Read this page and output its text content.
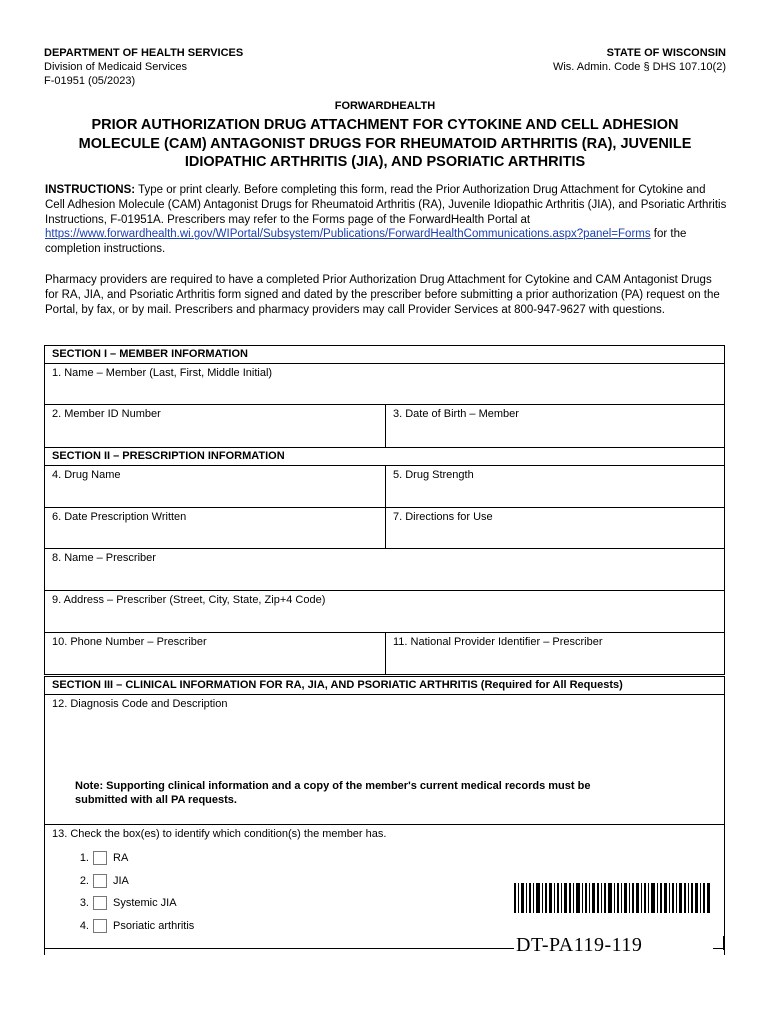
DEPARTMENT OF HEALTH SERVICES
Division of Medicaid Services
F-01951 (05/2023)
STATE OF WISCONSIN
Wis. Admin. Code § DHS 107.10(2)
FORWARDHEALTH
PRIOR AUTHORIZATION DRUG ATTACHMENT FOR CYTOKINE AND CELL ADHESION
MOLECULE (CAM) ANTAGONIST DRUGS FOR RHEUMATOID ARTHRITIS (RA), JUVENILE
IDIOPATHIC ARTHRITIS (JIA), AND PSORIATIC ARTHRITIS
INSTRUCTIONS: Type or print clearly. Before completing this form, read the Prior Authorization Drug Attachment for Cytokine and Cell Adhesion Molecule (CAM) Antagonist Drugs for Rheumatoid Arthritis (RA), Juvenile Idiopathic Arthritis (JIA), and Psoriatic Arthritis Instructions, F-01951A. Prescribers may refer to the Forms page of the ForwardHealth Portal at https://www.forwardhealth.wi.gov/WIPortal/Subsystem/Publications/ForwardHealthCommunications.aspx?panel=Forms for the completion instructions.
Pharmacy providers are required to have a completed Prior Authorization Drug Attachment for Cytokine and CAM Antagonist Drugs for RA, JIA, and Psoriatic Arthritis form signed and dated by the prescriber before submitting a prior authorization (PA) request on the Portal, by fax, or by mail. Prescribers and pharmacy providers may call Provider Services at 800-947-9627 with questions.
SECTION I – MEMBER INFORMATION
1. Name – Member (Last, First, Middle Initial)
2. Member ID Number	3. Date of Birth – Member
SECTION II – PRESCRIPTION INFORMATION
4. Drug Name	5. Drug Strength
6. Date Prescription Written	7. Directions for Use
8. Name – Prescriber
9. Address – Prescriber (Street, City, State, Zip+4 Code)
10. Phone Number – Prescriber	11. National Provider Identifier – Prescriber
SECTION III – CLINICAL INFORMATION FOR RA, JIA, AND PSORIATIC ARTHRITIS (Required for All Requests)
12. Diagnosis Code and Description
Note: Supporting clinical information and a copy of the member's current medical records must be
submitted with all PA requests.
13. Check the box(es) to identify which condition(s) the member has.
1. RA
2. JIA
3. Systemic JIA
4. Psoriatic arthritis
DT-PA119-119
